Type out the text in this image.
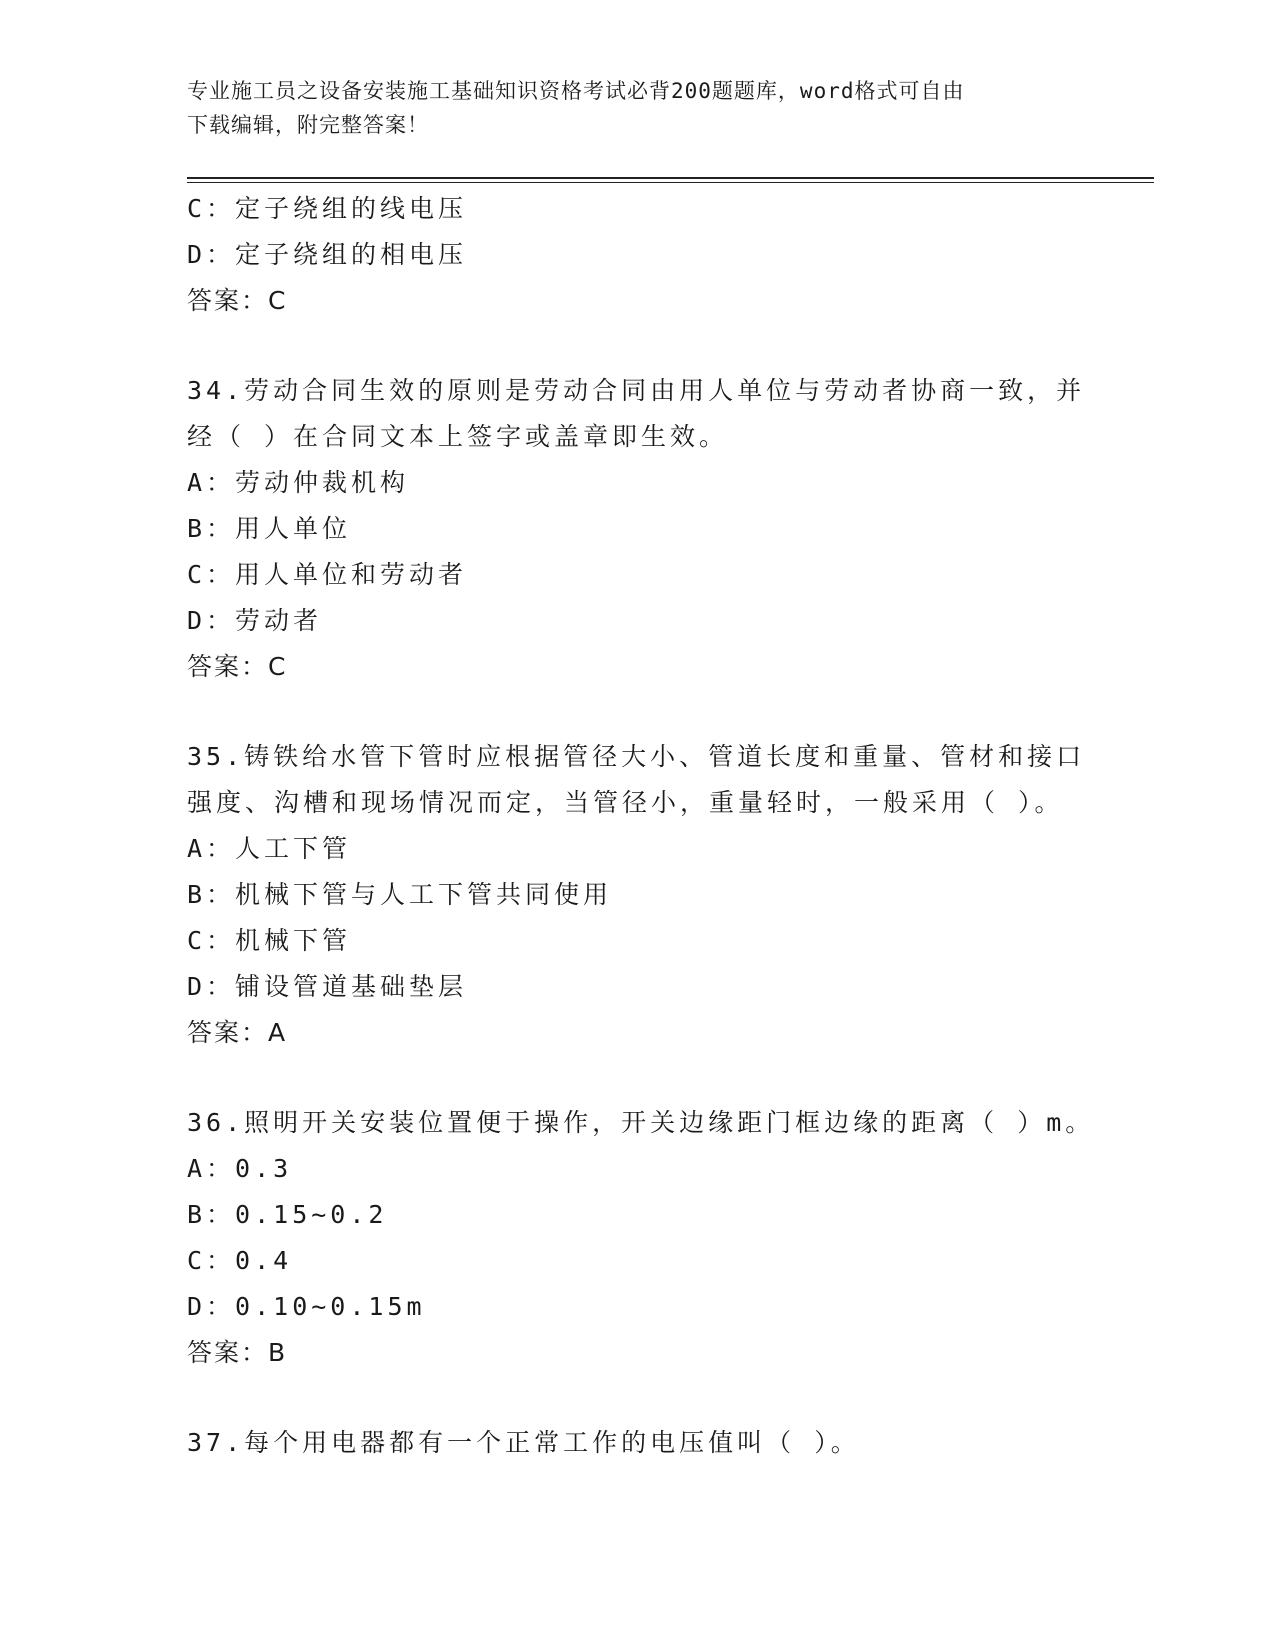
专业施工员之设备安装施工基础知识资格考试必背200题题库，word格式可自由
下载编辑，附完整答案！
C：定子绕组的线电压
D：定子绕组的相电压
答案：C
34.劳动合同生效的原则是劳动合同由用人单位与劳动者协商一致，并
经（ ）在合同文本上签字或盖章即生效。
A：劳动仲裁机构
B：用人单位
C：用人单位和劳动者
D：劳动者
答案：C
35.铸铁给水管下管时应根据管径大小、管道长度和重量、管材和接口
强度、沟槽和现场情况而定，当管径小，重量轻时，一般采用（ ）。
A：人工下管
B：机械下管与人工下管共同使用
C：机械下管
D：铺设管道基础垫层
答案：A
36.照明开关安装位置便于操作，开关边缘距门框边缘的距离（ ）m。
A：0.3
B：0.15~0.2
C：0.4
D：0.10~0.15m
答案：B
37.每个用电器都有一个正常工作的电压值叫（ ）。
